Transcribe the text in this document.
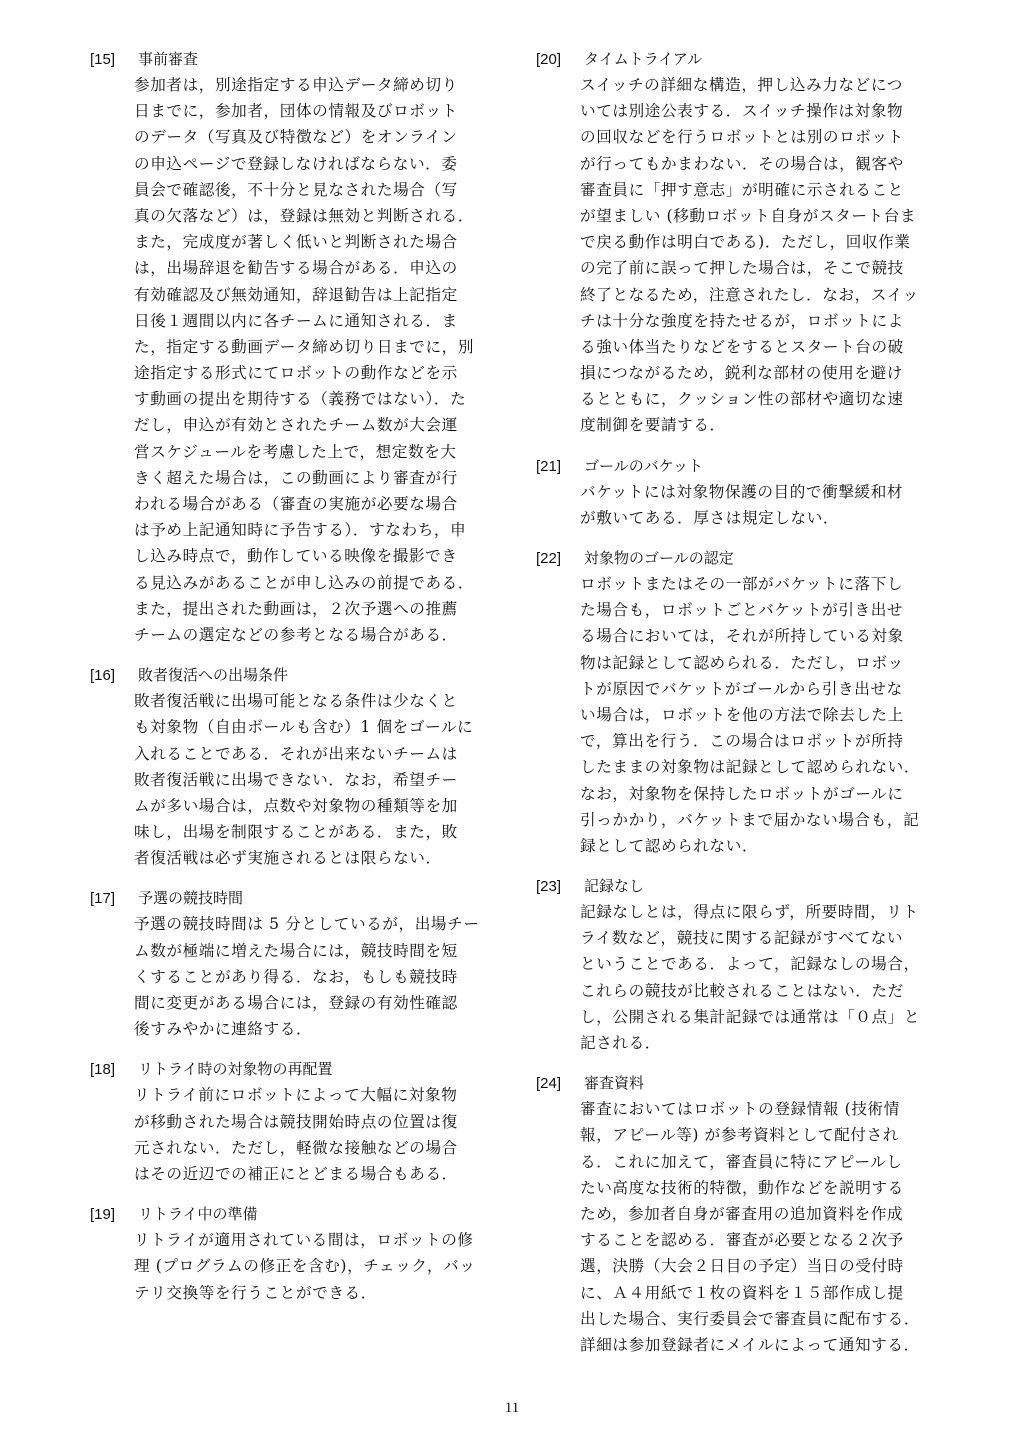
[15] 事前審査
参加者は，別途指定する申込データ締め切り
日までに，参加者，団体の情報及びロボット
のデータ（写真及び特徴など）をオンライン
の申込ページで登録しなければならない．委
員会で確認後，不十分と見なされた場合（写
真の欠落など）は，登録は無効と判断される．
また，完成度が著しく低いと判断された場合
は，出場辞退を勧告する場合がある．申込の
有効確認及び無効通知，辞退勧告は上記指定
日後１週間以内に各チームに通知される．ま
た，指定する動画データ締め切り日までに，別
途指定する形式にてロボットの動作などを示
す動画の提出を期待する（義務ではない）．た
だし，申込が有効とされたチーム数が大会運
営スケジュールを考慮した上で，想定数を大
きく超えた場合は，この動画により審査が行
われる場合がある（審査の実施が必要な場合
は予め上記通知時に予告する）．すなわち，申
し込み時点で，動作している映像を撮影でき
る見込みがあることが申し込みの前提である．
また，提出された動画は，２次予選への推薦
チームの選定などの参考となる場合がある．
[16] 敗者復活への出場条件
敗者復活戦に出場可能となる条件は少なくと
も対象物（自由ボールも含む）1 個をゴールに
入れることである．それが出来ないチームは
敗者復活戦に出場できない．なお，希望チー
ムが多い場合は，点数や対象物の種類等を加
味し，出場を制限することがある．また，敗
者復活戦は必ず実施されるとは限らない．
[17] 予選の競技時間
予選の競技時間は 5 分としているが，出場チー
ム数が極端に増えた場合には，競技時間を短
くすることがあり得る．なお，もしも競技時
間に変更がある場合には，登録の有効性確認
後すみやかに連絡する．
[18] リトライ時の対象物の再配置
リトライ前にロボットによって大幅に対象物
が移動された場合は競技開始時点の位置は復
元されない．ただし，軽微な接触などの場合
はその近辺での補正にとどまる場合もある．
[19] リトライ中の準備
リトライが適用されている間は，ロボットの修
理 (プログラムの修正を含む)，チェック，バッ
テリ交換等を行うことができる．
[20] タイムトライアル
スイッチの詳細な構造，押し込み力などにつ
いては別途公表する．スイッチ操作は対象物
の回収などを行うロボットとは別のロボット
が行ってもかまわない．その場合は，観客や
審査員に「押す意志」が明確に示されること
が望ましい (移動ロボット自身がスタート台ま
で戻る動作は明白である)．ただし，回収作業
の完了前に誤って押した場合は，そこで競技
終了となるため，注意されたし．なお，スイッ
チは十分な強度を持たせるが，ロボットによ
る強い体当たりなどをするとスタート台の破
損につながるため，鋭利な部材の使用を避け
るとともに，クッション性の部材や適切な速
度制御を要請する．
[21] ゴールのバケット
バケットには対象物保護の目的で衝撃緩和材
が敷いてある．厚さは規定しない．
[22] 対象物のゴールの認定
ロボットまたはその一部がバケットに落下し
た場合も，ロボットごとバケットが引き出せ
る場合においては，それが所持している対象
物は記録として認められる．ただし，ロボッ
トが原因でバケットがゴールから引き出せな
い場合は，ロボットを他の方法で除去した上
で，算出を行う．この場合はロボットが所持
したままの対象物は記録として認められない．
なお，対象物を保持したロボットがゴールに
引っかかり，バケットまで届かない場合も，記
録として認められない．
[23] 記録なし
記録なしとは，得点に限らず，所要時間，リト
ライ数など，競技に関する記録がすべてない
ということである．よって，記録なしの場合，
これらの競技が比較されることはない．ただ
し，公開される集計記録では通常は「０点」と
記される．
[24] 審査資料
審査においてはロボットの登録情報 (技術情
報，アピール等) が参考資料として配付され
る．これに加えて，審査員に特にアピールし
たい高度な技術的特徴，動作などを説明する
ため，参加者自身が審査用の追加資料を作成
することを認める．審査が必要となる２次予
選，決勝（大会２日目の予定）当日の受付時
に、Ａ４用紙で１枚の資料を１５部作成し提
出した場合、実行委員会で審査員に配布する．
詳細は参加登録者にメイルによって通知する．
11
